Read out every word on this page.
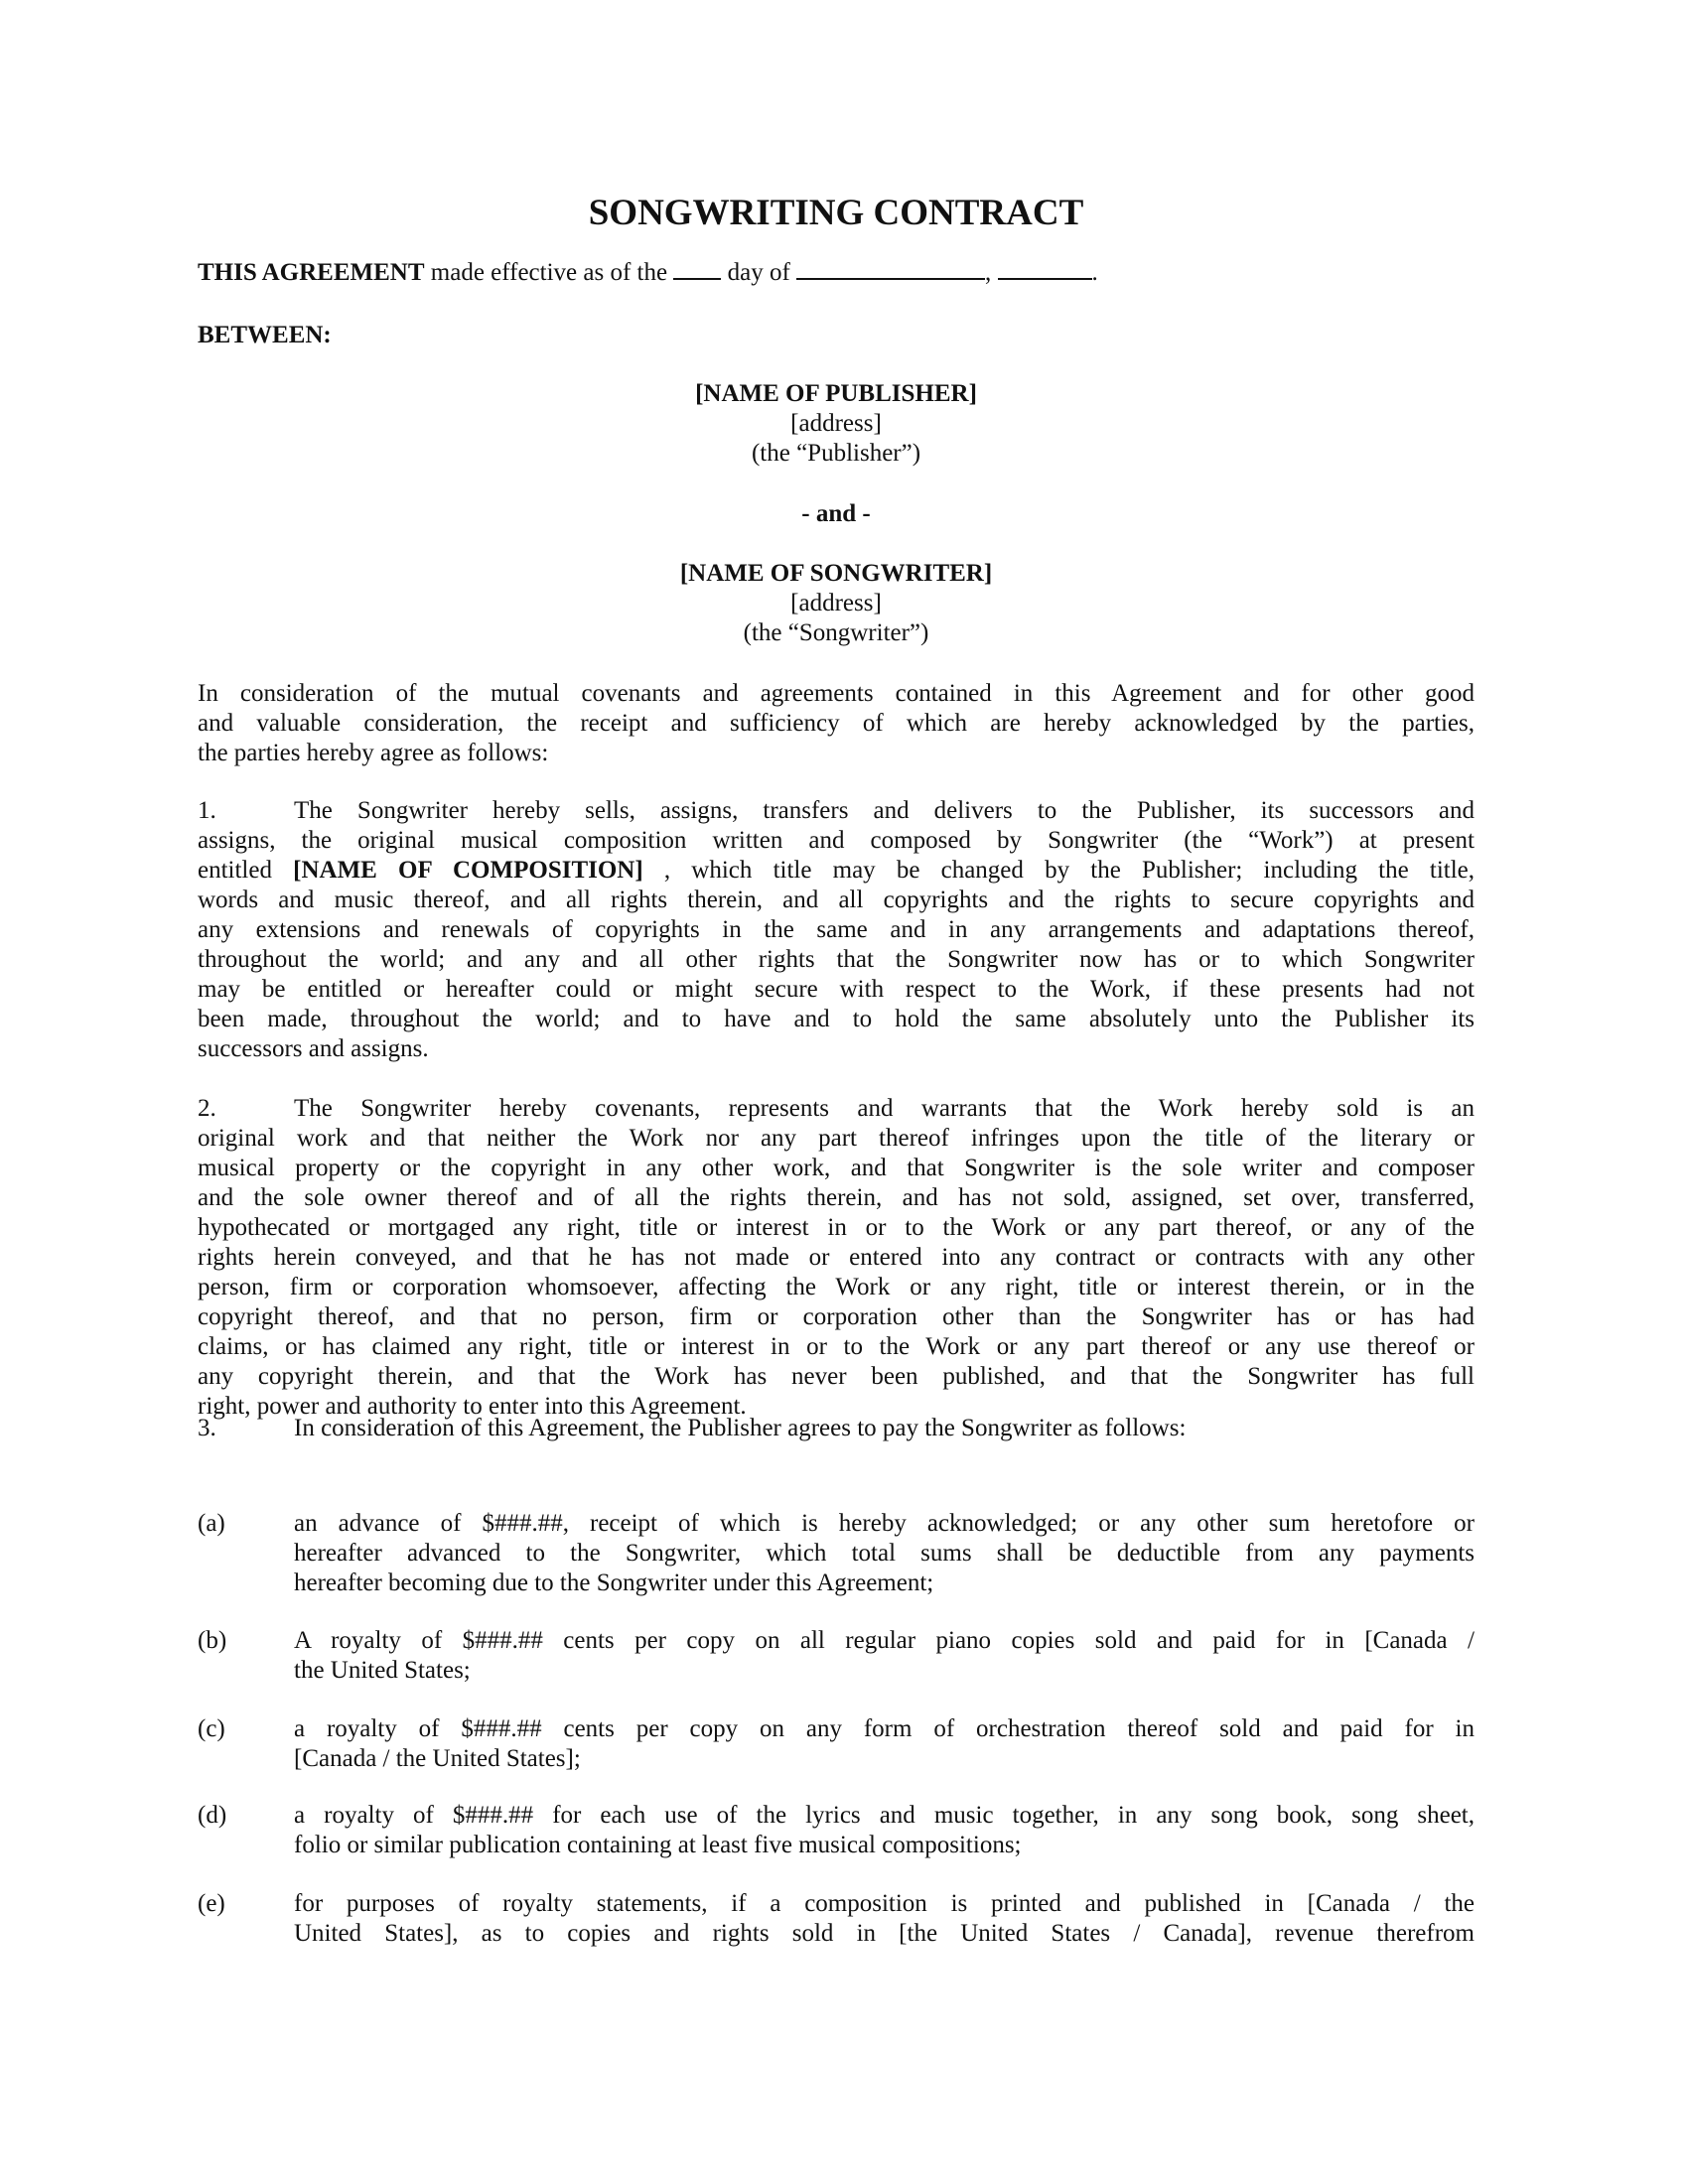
SONGWRITING CONTRACT
THIS AGREEMENT made effective as of the  day of	,	.
BETWEEN:
[NAME OF PUBLISHER]
[address]
(the “Publisher”)
- and -
[NAME OF SONGWRITER]
[address]
(the “Songwriter”)
In consideration of the mutual covenants and agreements contained in this Agreement and for other good
and valuable consideration, the receipt and sufficiency of which are hereby acknowledged by the parties,
the parties hereby agree as follows:
1.	The Songwriter hereby sells, assigns, transfers and delivers to the Publisher, its successors and
assigns, the original musical composition written and composed by Songwriter (the “Work”) at present
entitled [NAME OF COMPOSITION] , which title may be changed by the Publisher; including the title,
words and music thereof, and all rights therein, and all copyrights and the rights to secure copyrights and
any extensions and renewals of copyrights in the same and in any arrangements and adaptations thereof,
throughout the world; and any and all other rights that the Songwriter now has or to which Songwriter
may be entitled or hereafter could or might secure with respect to the Work, if these presents had not
been made, throughout the world; and to have and to hold the same absolutely unto the Publisher its
successors and assigns.
2.	The Songwriter hereby covenants, represents and warrants that the Work hereby sold is an
original work and that neither the Work nor any part thereof infringes upon the title of the literary or
musical property or the copyright in any other work, and that Songwriter is the sole writer and composer
and the sole owner thereof and of all the rights therein, and has not sold, assigned, set over, transferred,
hypothecated or mortgaged any right, title or interest in or to the Work or any part thereof, or any of the
rights herein conveyed, and that he has not made or entered into any contract or contracts with any other
person, firm or corporation whomsoever, affecting the Work or any right, title or interest therein, or in the
copyright thereof, and that no person, firm or corporation other than the Songwriter has or has had
claims, or has claimed any right, title or interest in or to the Work or any part thereof or any use thereof or
any copyright therein, and that the Work has never been published, and that the Songwriter has full
right, power and authority to enter into this Agreement.
3.	In consideration of this Agreement, the Publisher agrees to pay the Songwriter as follows:
(a)	an advance of $###.##, receipt of which is hereby acknowledged; or any other sum heretofore or
hereafter advanced to the Songwriter, which total sums shall be deductible from any payments
hereafter becoming due to the Songwriter under this Agreement;
(b)	A royalty of $###.## cents per copy on all regular piano copies sold and paid for in [Canada /
the United States;
(c)	a royalty of $###.## cents per copy on any form of orchestration thereof sold and paid for in
[Canada / the United States];
(d)	a royalty of $###.## for each use of the lyrics and music together, in any song book, song sheet,
folio or similar publication containing at least five musical compositions;
(e)	for purposes of royalty statements, if a composition is printed and published in [Canada / the
United States], as to copies and rights sold in [the United States / Canada], revenue therefrom
